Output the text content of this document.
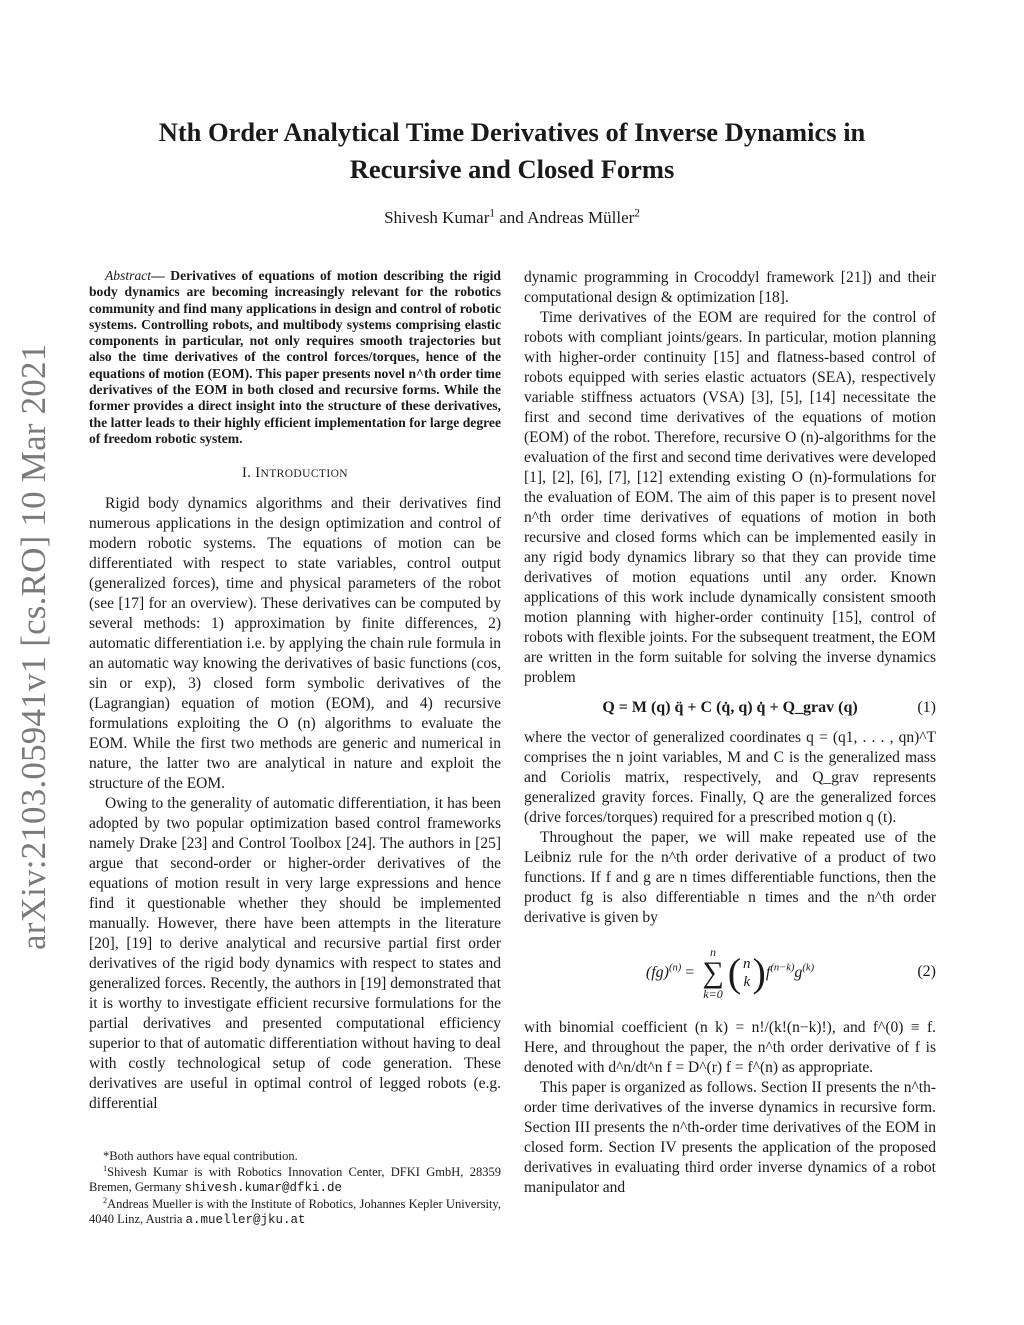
arXiv:2103.05941v1 [cs.RO] 10 Mar 2021
Nth Order Analytical Time Derivatives of Inverse Dynamics in
Recursive and Closed Forms
Shivesh Kumar$^1$ and Andreas Müller$^2$

Abstract— Derivatives of equations of motion describing the rigid body dynamics are becoming increasingly relevant for the robotics community and find many applications in design and control of robotic systems. Controlling robots, and multibody systems comprising elastic components in particular, not only requires smooth trajectories but also the time derivatives of the control forces/torques, hence of the equations of motion (EOM). This paper presents novel n^th order time derivatives of the EOM in both closed and recursive forms. While the former provides a direct insight into the structure of these derivatives, the latter leads to their highly efficient implementation for large degree of freedom robotic system.

I. INTRODUCTION

Rigid body dynamics algorithms and their derivatives find numerous applications in the design optimization and control of modern robotic systems. The equations of motion can be differentiated with respect to state variables, control output (generalized forces), time and physical parameters of the robot (see [17] for an overview). These derivatives can be computed by several methods: 1) approximation by finite differences, 2) automatic differentiation i.e. by applying the chain rule formula in an automatic way knowing the derivatives of basic functions (cos, sin or exp), 3) closed form symbolic derivatives of the (Lagrangian) equation of motion (EOM), and 4) recursive formulations exploiting the O (n) algorithms to evaluate the EOM. While the first two methods are generic and numerical in nature, the latter two are analytical in nature and exploit the structure of the EOM.

Owing to the generality of automatic differentiation, it has been adopted by two popular optimization based control frameworks namely Drake [23] and Control Toolbox [24]. The authors in [25] argue that second-order or higher-order derivatives of the equations of motion result in very large expressions and hence find it questionable whether they should be implemented manually. However, there have been attempts in the literature [20], [19] to derive analytical and recursive partial first order derivatives of the rigid body dynamics with respect to states and generalized forces. Recently, the authors in [19] demonstrated that it is worthy to investigate efficient recursive formulations for the partial derivatives and presented computational efficiency superior to that of automatic differentiation without having to deal with costly technological setup of code generation. These derivatives are useful in optimal control of legged robots (e.g. differential

*Both authors have equal contribution.

$^1$Shivesh Kumar is with Robotics Innovation Center, DFKI GmbH, 28359 Bremen, Germany shivesh.kumar@dfki.de

$^2$Andreas Mueller is with the Institute of Robotics, Johannes Kepler University, 4040 Linz, Austria a.mueller@jku.at

dynamic programming in Crocoddyl framework [21]) and their computational design & optimization [18].

Time derivatives of the EOM are required for the control of robots with compliant joints/gears. In particular, motion planning with higher-order continuity [15] and flatness-based control of robots equipped with series elastic actuators (SEA), respectively variable stiffness actuators (VSA) [3], [5], [14] necessitate the first and second time derivatives of the equations of motion (EOM) of the robot. Therefore, recursive O (n)-algorithms for the evaluation of the first and second time derivatives were developed [1], [2], [6], [7], [12] extending existing O (n)-formulations for the evaluation of EOM. The aim of this paper is to present novel n^th order time derivatives of equations of motion in both recursive and closed forms which can be implemented easily in any rigid body dynamics library so that they can provide time derivatives of motion equations until any order. Known applications of this work include dynamically consistent smooth motion planning with higher-order continuity [15], control of robots with flexible joints. For the subsequent treatment, the EOM are written in the form suitable for solving the inverse dynamics problem

Q = M (q) q̈ + C (q̇, q) q̇ + Q_grav (q)	(1)

where the vector of generalized coordinates q = (q1, . . . , qn)^T comprises the n joint variables, M and C is the generalized mass and Coriolis matrix, respectively, and Q_grav represents generalized gravity forces. Finally, Q are the generalized forces (drive forces/torques) required for a prescribed motion q (t).

Throughout the paper, we will make repeated use of the Leibniz rule for the n^th order derivative of a product of two functions. If f and g are n times differentiable functions, then the product fg is also differentiable n times and the n^th order derivative is given by

(fg)$^{(n)}$ =
n
∑
k=0 ( n
k ) $f^{(n-k)}g^{(k)}$	(2)

with binomial coefficient (n k) = n!/(k!(n−k)!), and f^(0) ≡ f. Here, and throughout the paper, the n^th order derivative of f is denoted with d^n/dt^n f = D^(r) f = f^(n) as appropriate.

This paper is organized as follows. Section II presents the n^th-order time derivatives of the inverse dynamics in recursive form. Section III presents the n^th-order time derivatives of the EOM in closed form. Section IV presents the application of the proposed derivatives in evaluating third order inverse dynamics of a robot manipulator and
